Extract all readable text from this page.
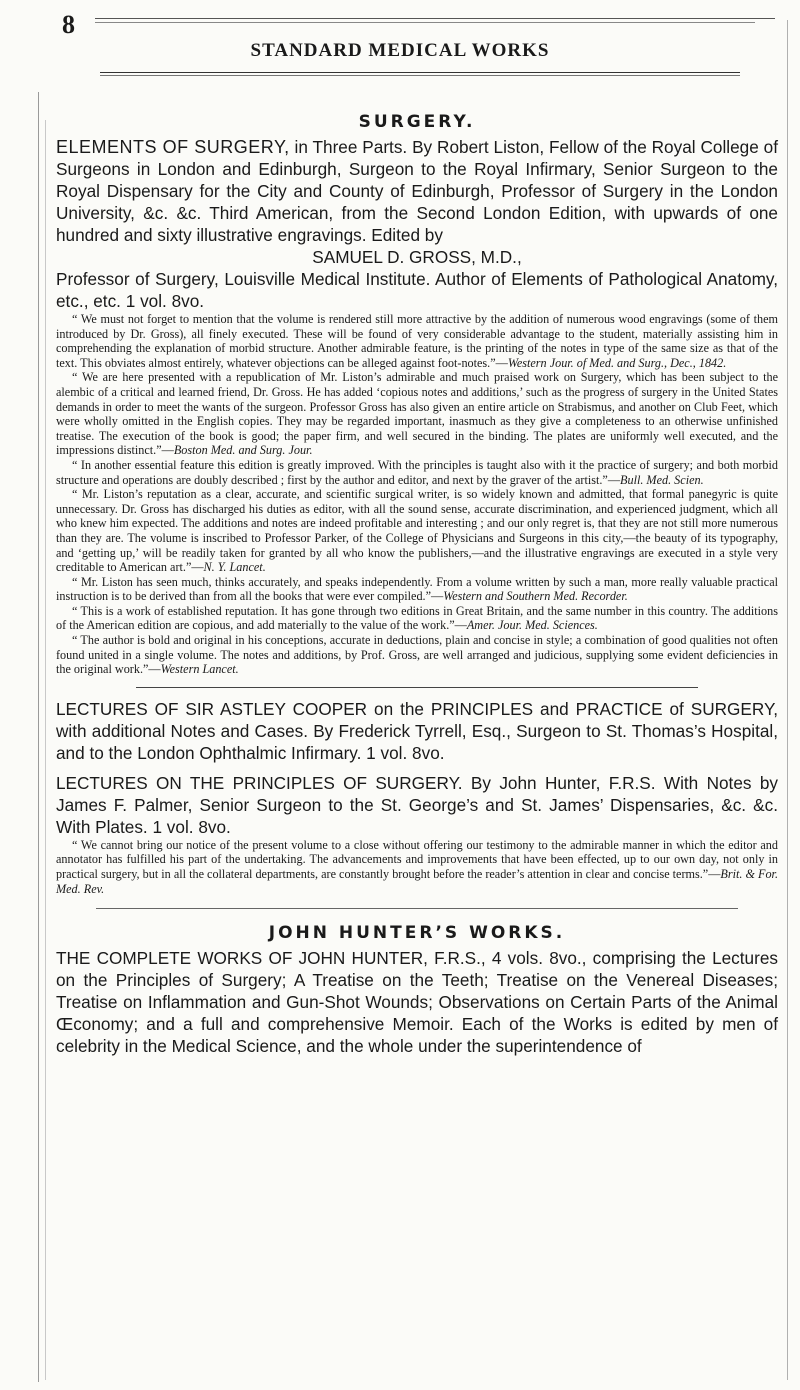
8
STANDARD MEDICAL WORKS
SURGERY.

ELEMENTS OF SURGERY, in Three Parts. By Robert Liston, Fellow of the Royal College of Surgeons in London and Edinburgh, Surgeon to the Royal Infirmary, Senior Surgeon to the Royal Dispensary for the City and County of Edinburgh, Professor of Surgery in the London University, &c. &c. Third American, from the Second London Edition, with upwards of one hundred and sixty illustrative engravings. Edited by

SAMUEL D. GROSS, M.D.,

Professor of Surgery, Louisville Medical Institute. Author of Elements of Pathological Anatomy, etc., etc. 1 vol. 8vo.

“ We must not forget to mention that the volume is rendered still more attractive by the addition of numerous wood engravings (some of them introduced by Dr. Gross), all finely executed. These will be found of very considerable advantage to the student, materially assisting him in comprehending the explanation of morbid structure. Another admirable feature, is the printing of the notes in type of the same size as that of the text. This obviates almost entirely, whatever objections can be alleged against foot-notes.”—Western Jour. of Med. and Surg., Dec., 1842.

“ We are here presented with a republication of Mr. Liston’s admirable and much praised work on Surgery, which has been subject to the alembic of a critical and learned friend, Dr. Gross. He has added ‘copious notes and additions,’ such as the progress of surgery in the United States demands in order to meet the wants of the surgeon. Professor Gross has also given an entire article on Strabismus, and another on Club Feet, which were wholly omitted in the English copies. They may be regarded important, inasmuch as they give a completeness to an otherwise unfinished treatise. The execution of the book is good; the paper firm, and well secured in the binding. The plates are uniformly well executed, and the impressions distinct.”—Boston Med. and Surg. Jour.

“ In another essential feature this edition is greatly improved. With the principles is taught also with it the practice of surgery; and both morbid structure and operations are doubly described ; first by the author and editor, and next by the graver of the artist.”—Bull. Med. Scien.

“ Mr. Liston’s reputation as a clear, accurate, and scientific surgical writer, is so widely known and admitted, that formal panegyric is quite unnecessary. Dr. Gross has discharged his duties as editor, with all the sound sense, accurate discrimination, and experienced judgment, which all who knew him expected. The additions and notes are indeed profitable and interesting ; and our only regret is, that they are not still more numerous than they are. The volume is inscribed to Professor Parker, of the College of Physicians and Surgeons in this city,—the beauty of its typography, and ‘getting up,’ will be readily taken for granted by all who know the publishers,—and the illustrative engravings are executed in a style very creditable to American art.”—N. Y. Lancet.

“ Mr. Liston has seen much, thinks accurately, and speaks independently. From a volume written by such a man, more really valuable practical instruction is to be derived than from all the books that were ever compiled.”—Western and Southern Med. Recorder.

“ This is a work of established reputation. It has gone through two editions in Great Britain, and the same number in this country. The additions of the American edition are copious, and add materially to the value of the work.”—Amer. Jour. Med. Sciences.

“ The author is bold and original in his conceptions, accurate in deductions, plain and concise in style; a combination of good qualities not often found united in a single volume. The notes and additions, by Prof. Gross, are well arranged and judicious, supplying some evident deficiencies in the original work.”—Western Lancet.

LECTURES OF SIR ASTLEY COOPER on the PRINCIPLES and PRACTICE of SURGERY, with additional Notes and Cases. By Frederick Tyrrell, Esq., Surgeon to St. Thomas’s Hospital, and to the London Ophthalmic Infirmary. 1 vol. 8vo.

LECTURES ON THE PRINCIPLES OF SURGERY. By John Hunter, F.R.S. With Notes by James F. Palmer, Senior Surgeon to the St. George’s and St. James’ Dispensaries, &c. &c. With Plates. 1 vol. 8vo.

“ We cannot bring our notice of the present volume to a close without offering our testimony to the admirable manner in which the editor and annotator has fulfilled his part of the undertaking. The advancements and improvements that have been effected, up to our own day, not only in practical surgery, but in all the collateral departments, are constantly brought before the reader’s attention in clear and concise terms.”—Brit. & For. Med. Rev.

JOHN HUNTER’S WORKS.

THE COMPLETE WORKS OF JOHN HUNTER, F.R.S., 4 vols. 8vo., comprising the Lectures on the Principles of Surgery; A Treatise on the Teeth; Treatise on the Venereal Diseases; Treatise on Inflammation and Gun-Shot Wounds; Observations on Certain Parts of the Animal Œconomy; and a full and comprehensive Memoir. Each of the Works is edited by men of celebrity in the Medical Science, and the whole under the superintendence of
